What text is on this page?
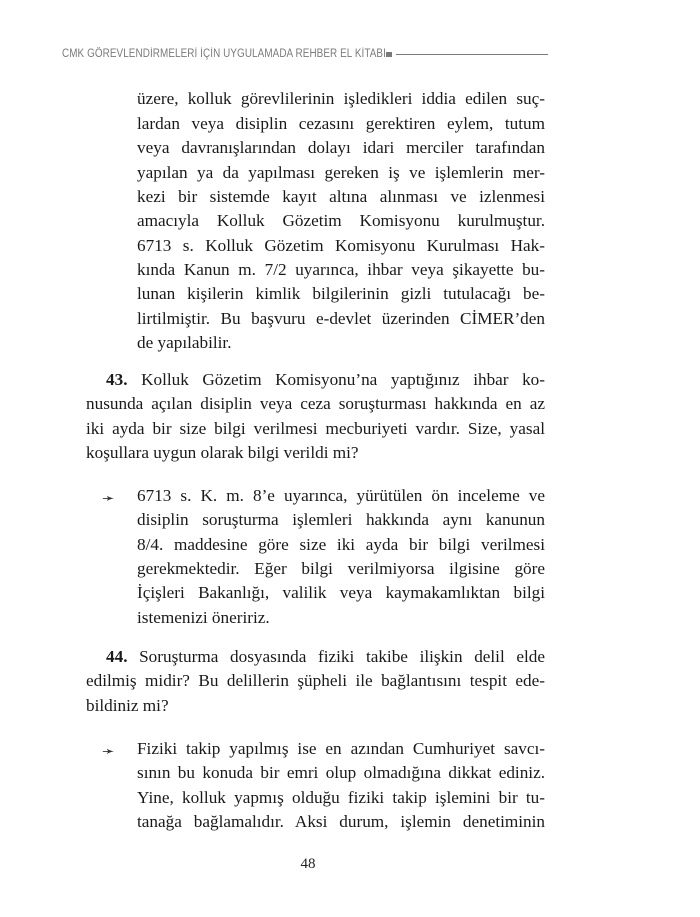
CMK GÖREVLENDİRMELERİ İÇİN UYGULAMADA REHBER EL KİTABI
üzere, kolluk görevlilerinin işledikleri iddia edilen suç-
lardan veya disiplin cezasını gerektiren eylem, tutum
veya davranışlarından dolayı idari merciler tarafından
yapılan ya da yapılması gereken iş ve işlemlerin mer-
kezi bir sistemde kayıt altına alınması ve izlenmesi
amacıyla Kolluk Gözetim Komisyonu kurulmuştur.
6713 s. Kolluk Gözetim Komisyonu Kurulması Hak-
kında Kanun m. 7/2 uyarınca, ihbar veya şikayette bu-
lunan kişilerin kimlik bilgilerinin gizli tutulacağı be-
lirtilmiştir. Bu başvuru e-devlet üzerinden CİMER’den
de yapılabilir.
43. Kolluk Gözetim Komisyonu’na yaptığınız ihbar ko-
nusunda açılan disiplin veya ceza soruşturması hakkında en az
iki ayda bir size bilgi verilmesi mecburiyeti vardır. Size, yasal
koşullara uygun olarak bilgi verildi mi?
➛ 6713 s. K. m. 8’e uyarınca, yürütülen ön inceleme ve
disiplin soruşturma işlemleri hakkında aynı kanunun
8/4. maddesine göre size iki ayda bir bilgi verilmesi
gerekmektedir. Eğer bilgi verilmiyorsa ilgisine göre
İçişleri Bakanlığı, valilik veya kaymakamlıktan bilgi
istemenizi öneririz.
44. Soruşturma dosyasında fiziki takibe ilişkin delil elde
edilmiş midir? Bu delillerin şüpheli ile bağlantısını tespit ede-
bildiniz mi?
➛ Fiziki takip yapılmış ise en azından Cumhuriyet savcı-
sının bu konuda bir emri olup olmadığına dikkat ediniz.
Yine, kolluk yapmış olduğu fiziki takip işlemini bir tu-
tanağa bağlamalıdır. Aksi durum, işlemin denetiminin
48
